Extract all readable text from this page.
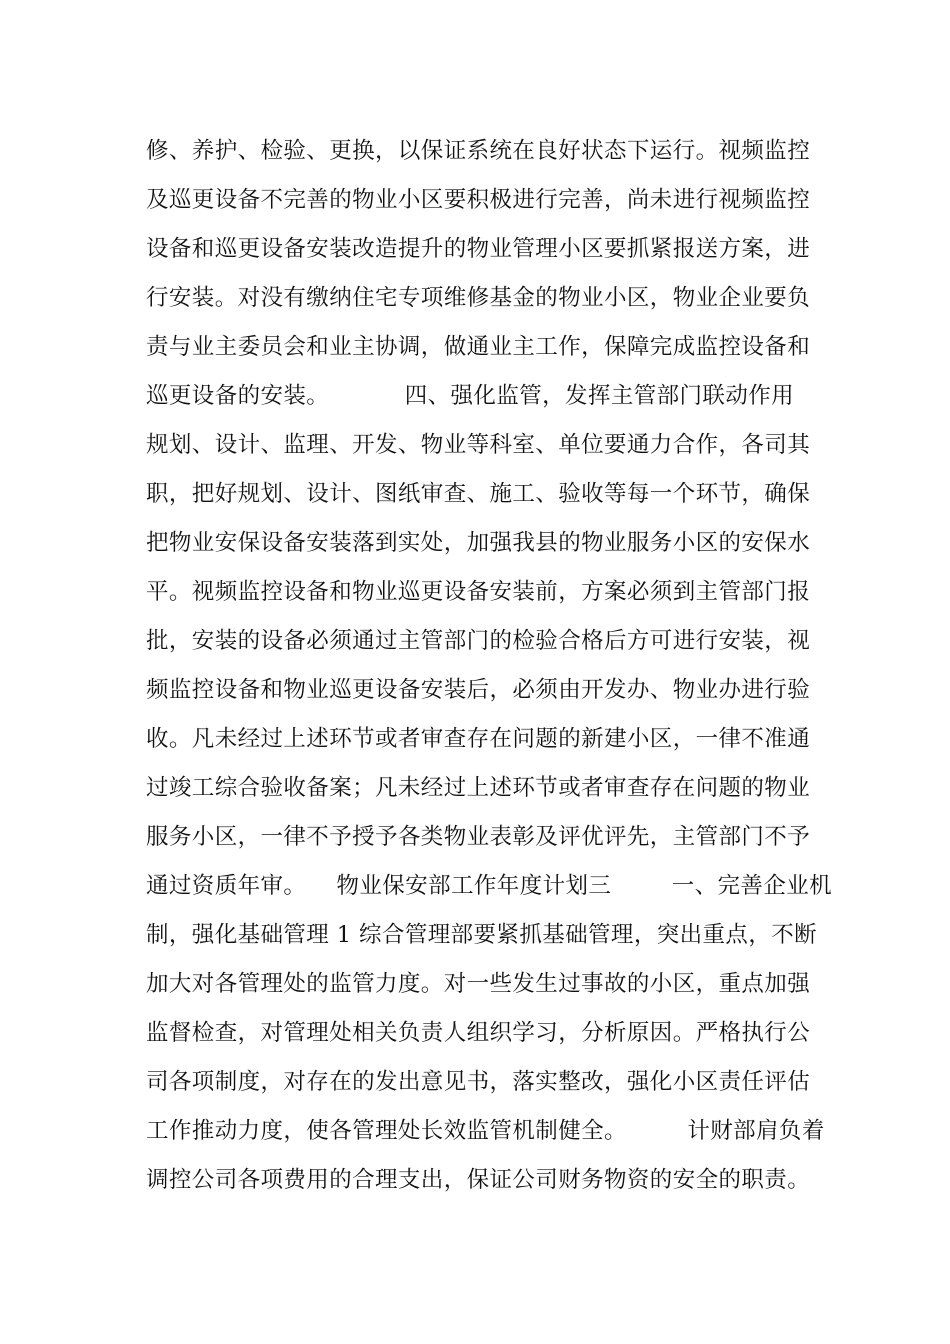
修、养护、检验、更换，以保证系统在良好状态下运行。视频监控
及巡更设备不完善的物业小区要积极进行完善，尚未进行视频监控
设备和巡更设备安装改造提升的物业管理小区要抓紧报送方案，进
行安装。对没有缴纳住宅专项维修基金的物业小区，物业企业要负
责与业主委员会和业主协调，做通业主工作，保障完成监控设备和
巡更设备的安装。          四、强化监管，发挥主管部门联动作用
规划、设计、监理、开发、物业等科室、单位要通力合作，各司其
职，把好规划、设计、图纸审查、施工、验收等每一个环节，确保
把物业安保设备安装落到实处，加强我县的物业服务小区的安保水
平。视频监控设备和物业巡更设备安装前，方案必须到主管部门报
批，安装的设备必须通过主管部门的检验合格后方可进行安装，视
频监控设备和物业巡更设备安装后，必须由开发办、物业办进行验
收。凡未经过上述环节或者审查存在问题的新建小区，一律不准通
过竣工综合验收备案；凡未经过上述环节或者审查存在问题的物业
服务小区，一律不予授予各类物业表彰及评优评先，主管部门不予
通过资质年审。    物业保安部工作年度计划三        一、完善企业机
制，强化基础管理 1 综合管理部要紧抓基础管理，突出重点，不断
加大对各管理处的监管力度。对一些发生过事故的小区，重点加强
监督检查，对管理处相关负责人组织学习，分析原因。严格执行公
司各项制度，对存在的发出意见书，落实整改，强化小区责任评估
工作推动力度，使各管理处长效监管机制健全。        计财部肩负着
调控公司各项费用的合理支出，保证公司财务物资的安全的职责。
